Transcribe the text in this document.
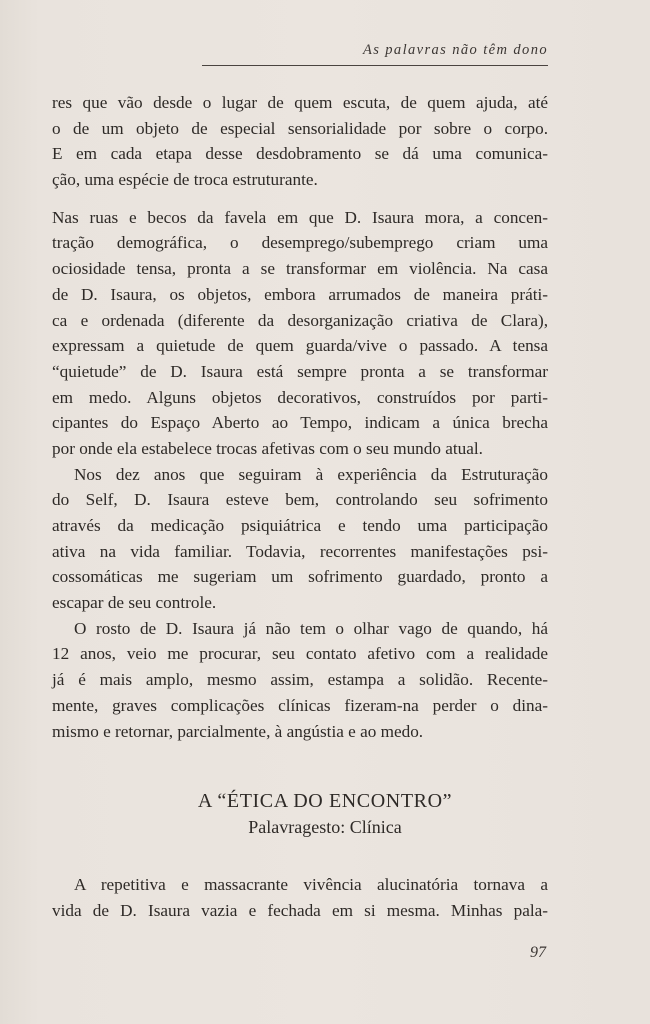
As palavras não têm dono
res que vão desde o lugar de quem escuta, de quem ajuda, até
o de um objeto de especial sensorialidade por sobre o corpo.
E em cada etapa desse desdobramento se dá uma comunica-
ção, uma espécie de troca estruturante.
Nas ruas e becos da favela em que D. Isaura mora, a concen-
tração demográfica, o desemprego/subemprego criam uma
ociosidade tensa, pronta a se transformar em violência. Na casa
de D. Isaura, os objetos, embora arrumados de maneira práti-
ca e ordenada (diferente da desorganização criativa de Clara),
expressam a quietude de quem guarda/vive o passado. A tensa
“quietude” de D. Isaura está sempre pronta a se transformar
em medo. Alguns objetos decorativos, construídos por parti-
cipantes do Espaço Aberto ao Tempo, indicam a única brecha
por onde ela estabelece trocas afetivas com o seu mundo atual.
Nos dez anos que seguiram à experiência da Estruturação
do Self, D. Isaura esteve bem, controlando seu sofrimento
através da medicação psiquiátrica e tendo uma participação
ativa na vida familiar. Todavia, recorrentes manifestações psi-
cossomáticas me sugeriam um sofrimento guardado, pronto a
escapar de seu controle.
O rosto de D. Isaura já não tem o olhar vago de quando, há
12 anos, veio me procurar, seu contato afetivo com a realidade
já é mais amplo, mesmo assim, estampa a solidão. Recente-
mente, graves complicações clínicas fizeram-na perder o dina-
mismo e retornar, parcialmente, à angústia e ao medo.
A “ÉTICA DO ENCONTRO”
Palavragesto: Clínica
A repetitiva e massacrante vivência alucinatória tornava a
vida de D. Isaura vazia e fechada em si mesma. Minhas pala-
97
